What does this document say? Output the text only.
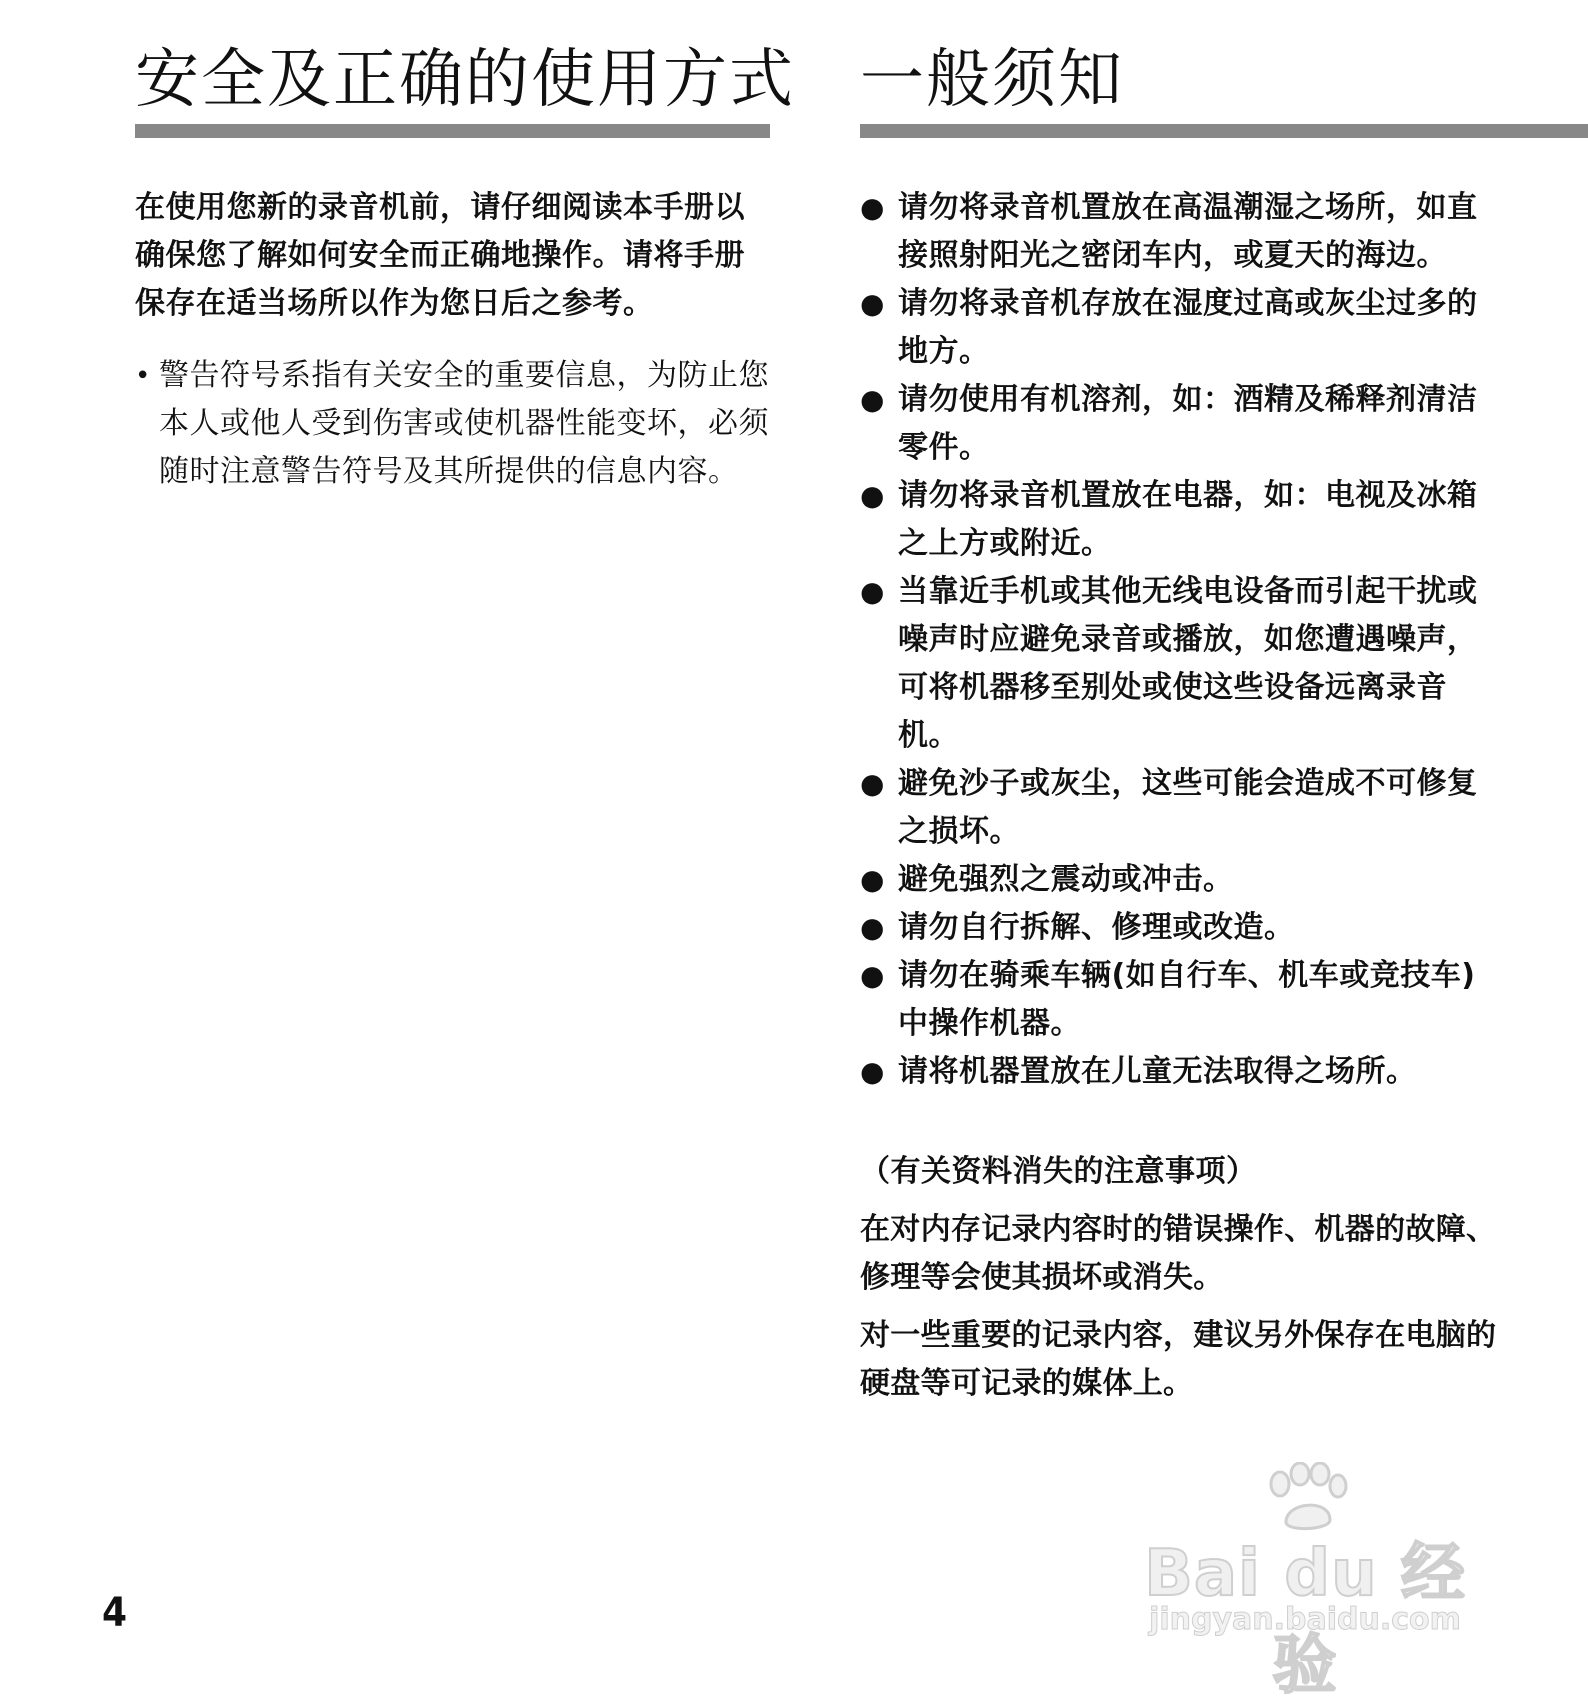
安全及正确的使用方式

在使用您新的录音机前，请仔细阅读本手册以确保您了解如何安全而正确地操作。请将手册保存在适当场所以作为您日后之参考。

• 警告符号系指有关安全的重要信息，为防止您本人或他人受到伤害或使机器性能变坏，必须随时注意警告符号及其所提供的信息内容。

一般须知
● 请勿将录音机置放在高温潮湿之场所，如直接照射阳光之密闭车内，或夏天的海边。
● 请勿将录音机存放在湿度过高或灰尘过多的地方。
● 请勿使用有机溶剂，如：酒精及稀释剂清洁零件。
● 请勿将录音机置放在电器，如：电视及冰箱之上方或附近。
● 当靠近手机或其他无线电设备而引起干扰或噪声时应避免录音或播放，如您遭遇噪声，可将机器移至别处或使这些设备远离录音机。
● 避免沙子或灰尘，这些可能会造成不可修复之损坏。
● 避免强烈之震动或冲击。
● 请勿自行拆解、修理或改造。
● 请勿在骑乘车辆(如自行车、机车或竞技车)中操作机器。
● 请将机器置放在儿童无法取得之场所。

（有关资料消失的注意事项）

在对内存记录内容时的错误操作、机器的故障、修理等会使其损坏或消失。

对一些重要的记录内容，建议另外保存在电脑的硬盘等可记录的媒体上。

4
Bai du 经验
jingyan.baidu.com
